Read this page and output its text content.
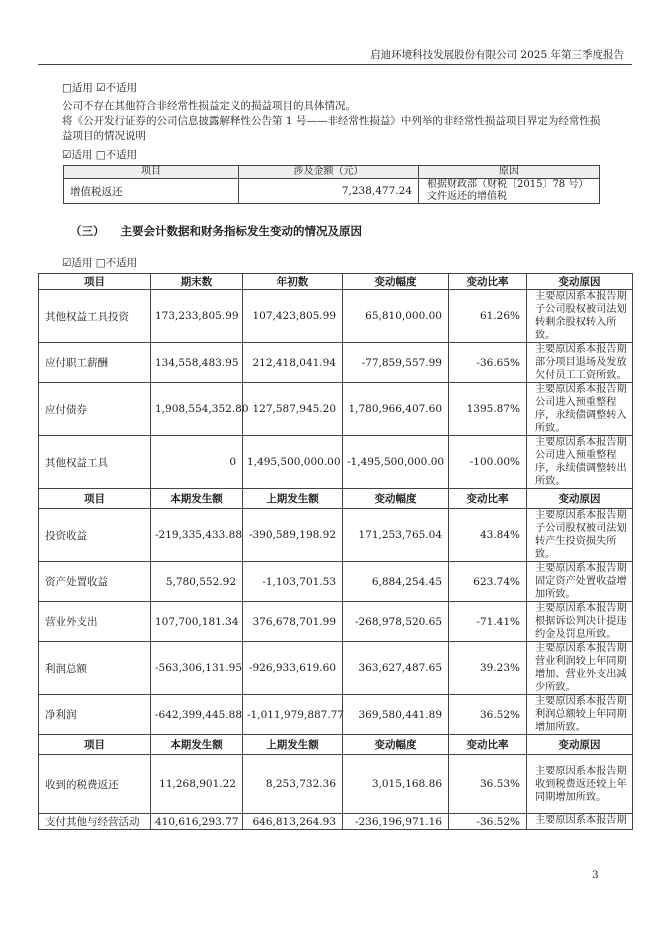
启迪环境科技发展股份有限公司 2025 年第三季度报告
□适用 ☑不适用
公司不存在其他符合非经常性损益定义的损益项目的具体情况。
将《公开发行证券的公司信息披露解释性公告第 1 号——非经常性损益》中列举的非经常性损益项目界定为经常性损益项目的情况说明
☑适用 □不适用
项目	涉及金额（元）	原因
增值税返还	7,238,477.24	根据财政部（财税〔2015〕78 号）文件返还的增值税
（三） 主要会计数据和财务指标发生变动的情况及原因
☑适用 □不适用
项目	期末数	年初数	变动幅度	变动比率	变动原因
其他权益工具投资	173,233,805.99	107,423,805.99	65,810,000.00	61.26%	主要原因系本报告期子公司股权被司法划转剩余股权转入所致。
应付职工薪酬	134,558,483.95	212,418,041.94	-77,859,557.99	-36.65%	主要原因系本报告期部分项目退场及发放欠付员工工资所致。
应付债券	1,908,554,352.80	127,587,945.20	1,780,966,407.60	1395.87%	主要原因系本报告期公司进入预重整程序，永续债调整转入所致。
其他权益工具	0	1,495,500,000.00	-1,495,500,000.00	-100.00%	主要原因系本报告期公司进入预重整程序，永续债调整转出所致。
项目	本期发生额	上期发生额	变动幅度	变动比率	变动原因
投资收益	-219,335,433.88	-390,589,198.92	171,253,765.04	43.84%	主要原因系本报告期子公司股权被司法划转产生投资损失所致。
资产处置收益	5,780,552.92	-1,103,701.53	6,884,254.45	623.74%	主要原因系本报告期固定资产处置收益增加所致。
营业外支出	107,700,181.34	376,678,701.99	-268,978,520.65	-71.41%	主要原因系本报告期根据诉讼判决计提违约金及罚息所致。
利润总额	-563,306,131.95	-926,933,619.60	363,627,487.65	39.23%	主要原因系本报告期营业利润较上年同期增加、营业外支出减少所致。
净利润	-642,399,445.88	-1,011,979,887.77	369,580,441.89	36.52%	主要原因系本报告期利润总额较上年同期增加所致。
项目	本期发生额	上期发生额	变动幅度	变动比率	变动原因
收到的税费返还	11,268,901.22	8,253,732.36	3,015,168.86	36.53%	主要原因系本报告期收到税费返还较上年同期增加所致。
支付其他与经营活动	410,616,293.77	646,813,264.93	-236,196,971.16	-36.52%	主要原因系本报告期
3
